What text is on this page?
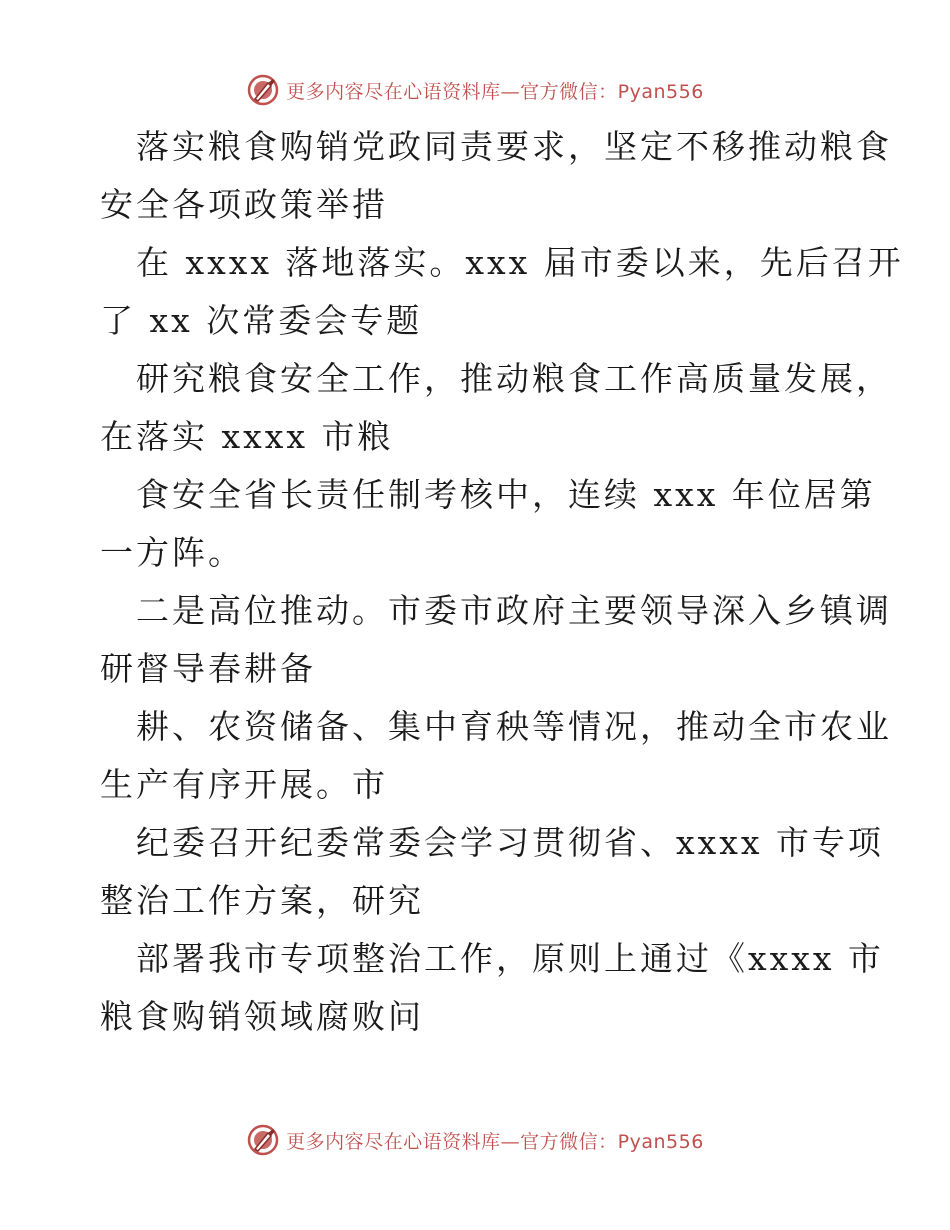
更多内容尽在心语资料库—官方微信：Pyan556

落实粮食购销党政同责要求，坚定不移推动粮食
安全各项政策举措

在 xxxx 落地落实。xxx 届市委以来，先后召开
了 xx 次常委会专题

研究粮食安全工作，推动粮食工作高质量发展，
在落实 xxxx 市粮

食安全省长责任制考核中，连续 xxx 年位居第
一方阵。

二是高位推动。市委市政府主要领导深入乡镇调
研督导春耕备

耕、农资储备、集中育秧等情况，推动全市农业
生产有序开展。市

纪委召开纪委常委会学习贯彻省、xxxx 市专项
整治工作方案，研究

部署我市专项整治工作，原则上通过《xxxx 市
粮食购销领域腐败问

更多内容尽在心语资料库—官方微信：Pyan556
